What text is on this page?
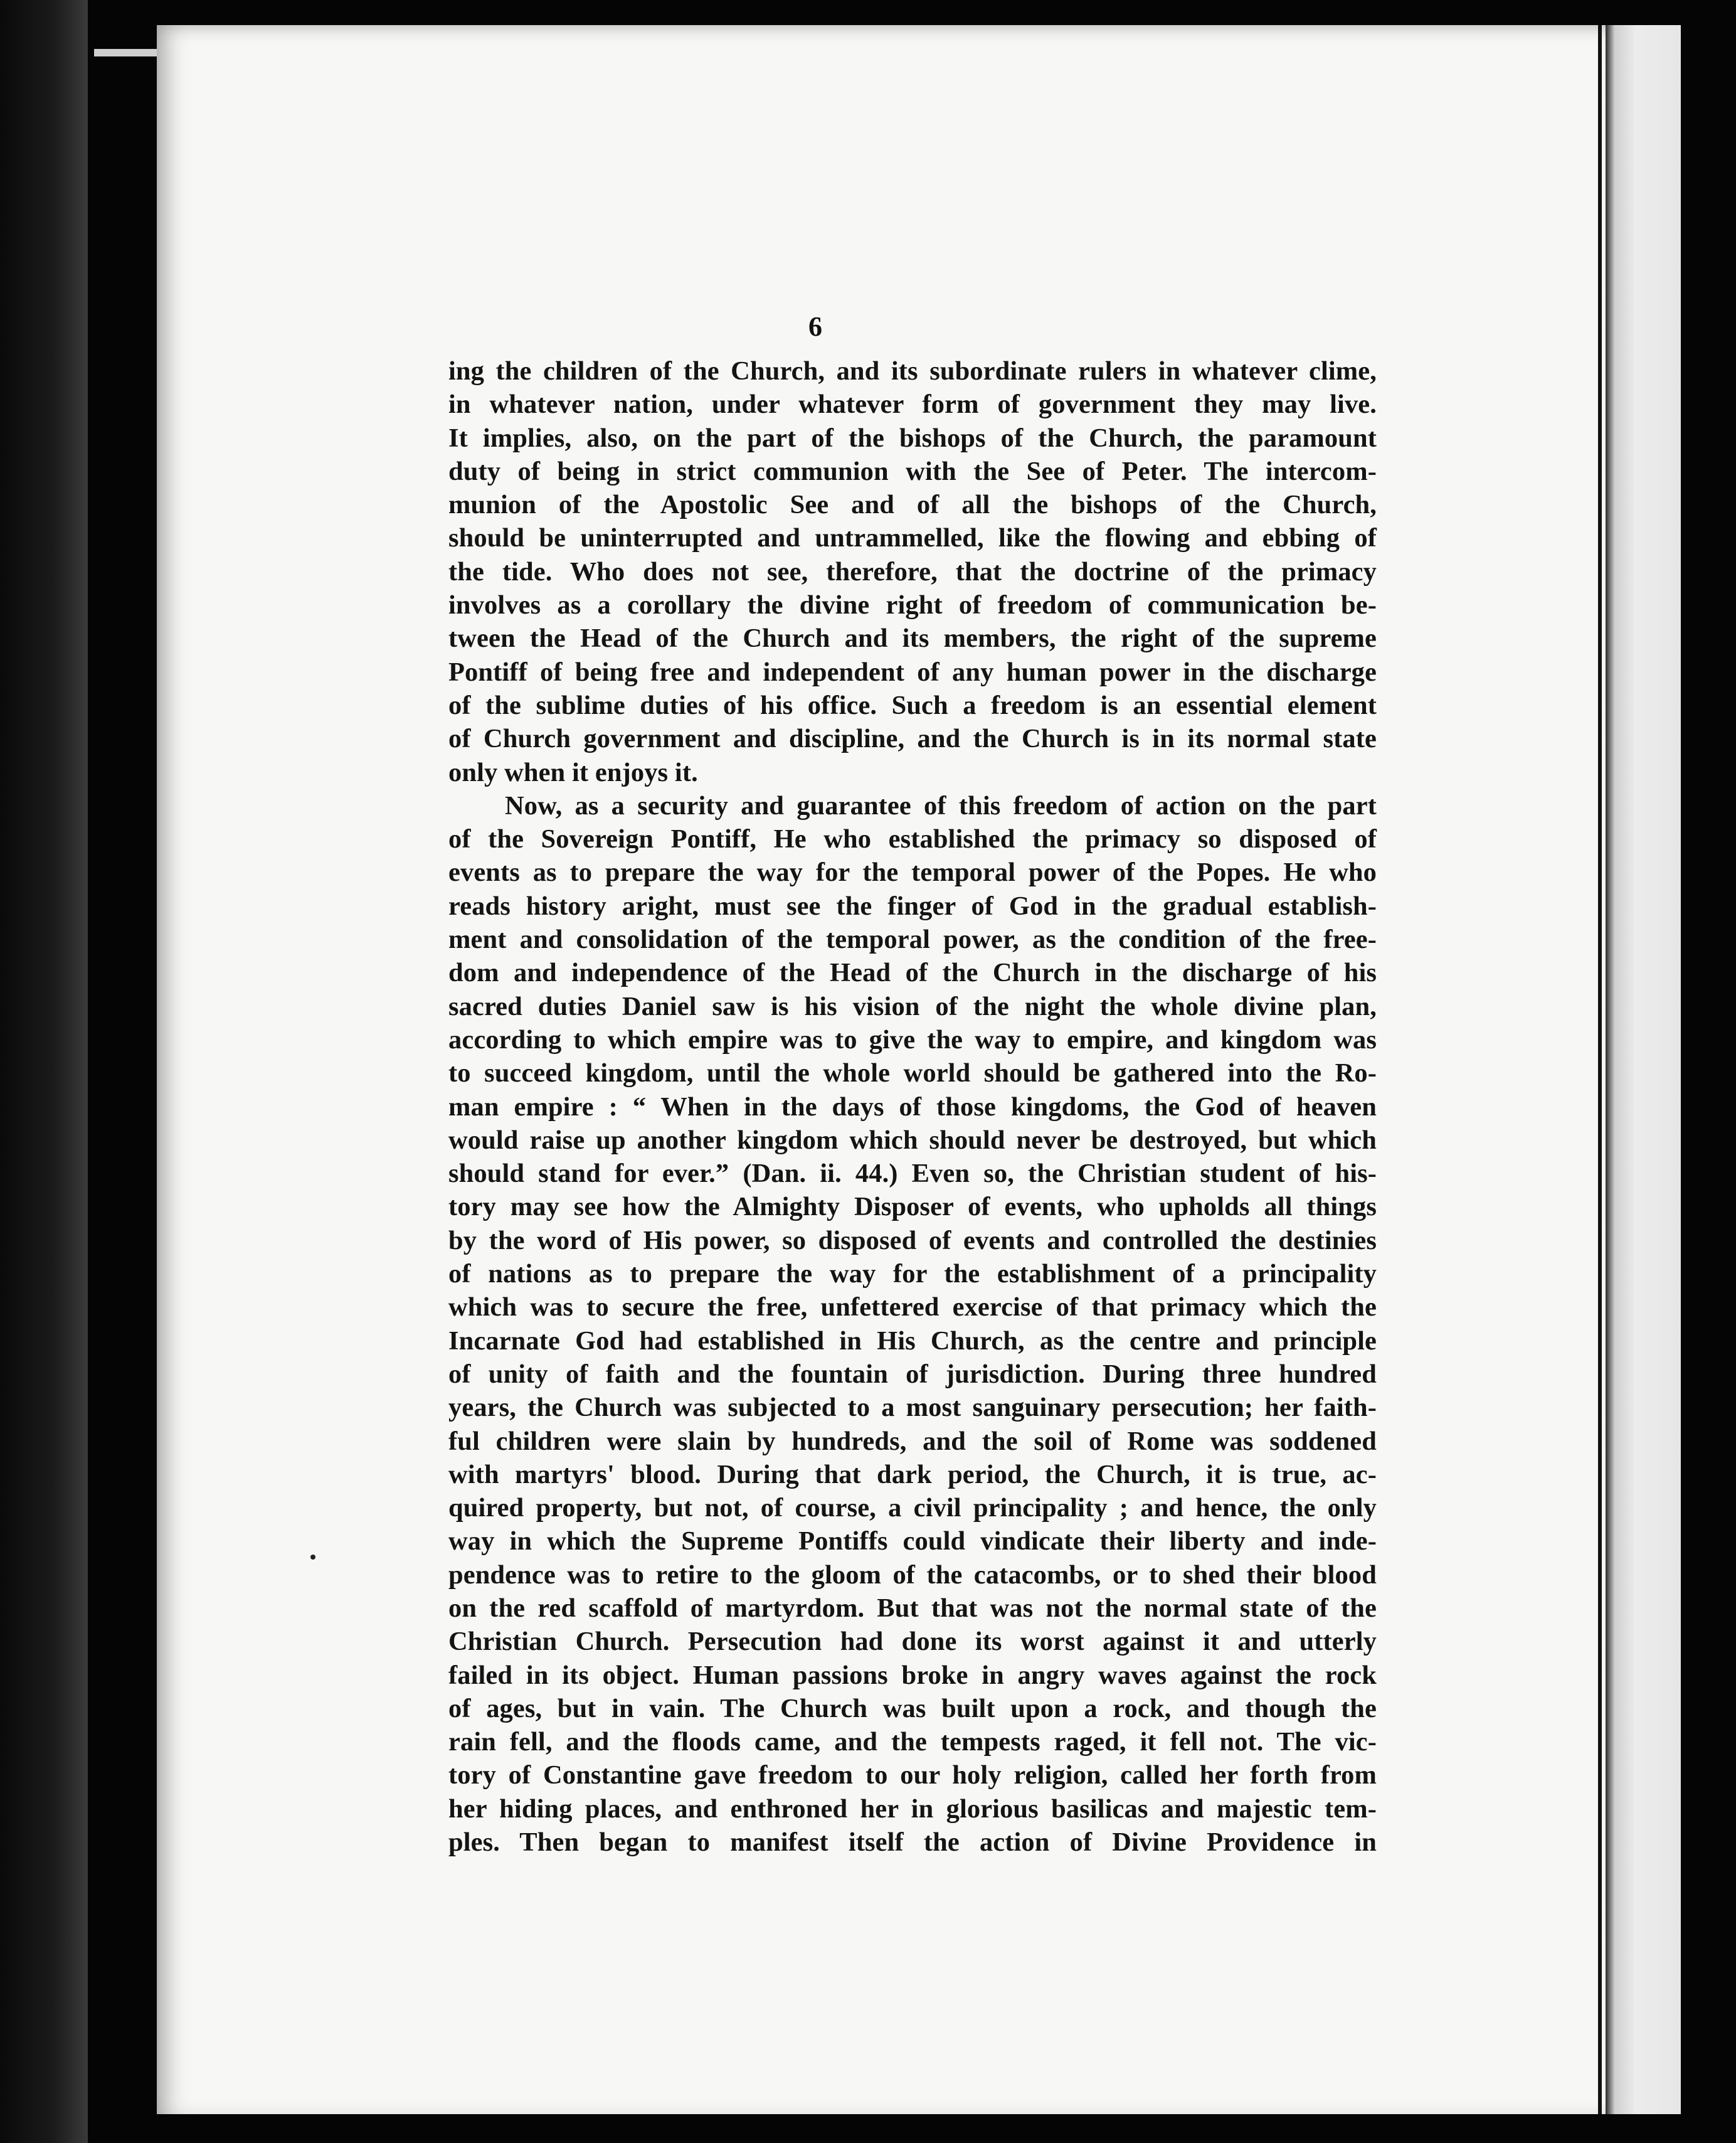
6

ing the children of the Church, and its subordinate rulers in whatever clime,

in whatever nation, under whatever form of government they may live.

It implies, also, on the part of the bishops of the Church, the paramount

duty of being in strict communion with the See of Peter. The intercom-

munion of the Apostolic See and of all the bishops of the Church,

should be uninterrupted and untrammelled, like the flowing and ebbing of

the tide. Who does not see, therefore, that the doctrine of the primacy

involves as a corollary the divine right of freedom of communication be-

tween the Head of the Church and its members, the right of the supreme

Pontiff of being free and independent of any human power in the discharge

of the sublime duties of his office. Such a freedom is an essential element

of Church government and discipline, and the Church is in its normal state

only when it enjoys it.

Now, as a security and guarantee of this freedom of action on the part

of the Sovereign Pontiff, He who established the primacy so disposed of

events as to prepare the way for the temporal power of the Popes. He who

reads history aright, must see the finger of God in the gradual establish-

ment and consolidation of the temporal power, as the condition of the free-

dom and independence of the Head of the Church in the discharge of his

sacred duties Daniel saw is his vision of the night the whole divine plan,

according to which empire was to give the way to empire, and kingdom was

to succeed kingdom, until the whole world should be gathered into the Ro-

man empire : “ When in the days of those kingdoms, the God of heaven

would raise up another kingdom which should never be destroyed, but which

should stand for ever.” (Dan. ii. 44.) Even so, the Christian student of his-

tory may see how the Almighty Disposer of events, who upholds all things

by the word of His power, so disposed of events and controlled the destinies

of nations as to prepare the way for the establishment of a principality

which was to secure the free, unfettered exercise of that primacy which the

Incarnate God had established in His Church, as the centre and principle

of unity of faith and the fountain of jurisdiction. During three hundred

years, the Church was subjected to a most sanguinary persecution; her faith-

ful children were slain by hundreds, and the soil of Rome was soddened

with martyrs' blood. During that dark period, the Church, it is true, ac-

quired property, but not, of course, a civil principality ; and hence, the only

way in which the Supreme Pontiffs could vindicate their liberty and inde-

pendence was to retire to the gloom of the catacombs, or to shed their blood

on the red scaffold of martyrdom. But that was not the normal state of the

Christian Church. Persecution had done its worst against it and utterly

failed in its object. Human passions broke in angry waves against the rock

of ages, but in vain. The Church was built upon a rock, and though the

rain fell, and the floods came, and the tempests raged, it fell not. The vic-

tory of Constantine gave freedom to our holy religion, called her forth from

her hiding places, and enthroned her in glorious basilicas and majestic tem-

ples. Then began to manifest itself the action of Divine Providence in
